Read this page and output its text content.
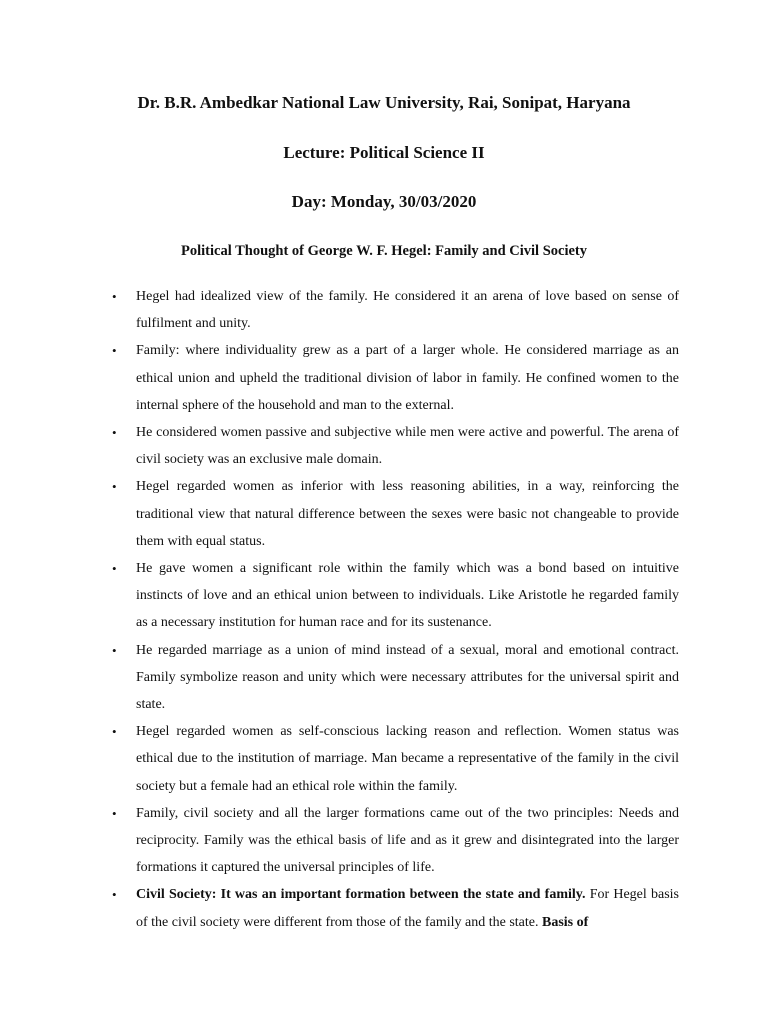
Dr. B.R. Ambedkar National Law University, Rai, Sonipat, Haryana
Lecture: Political Science II
Day: Monday, 30/03/2020
Political Thought of George W. F. Hegel: Family and Civil Society
• Hegel had idealized view of the family. He considered it an arena of love based on sense of fulfilment and unity.
• Family: where individuality grew as a part of a larger whole. He considered marriage as an ethical union and upheld the traditional division of labor in family. He confined women to the internal sphere of the household and man to the external.
• He considered women passive and subjective while men were active and powerful. The arena of civil society was an exclusive male domain.
• Hegel regarded women as inferior with less reasoning abilities, in a way, reinforcing the traditional view that natural difference between the sexes were basic not changeable to provide them with equal status.
• He gave women a significant role within the family which was a bond based on intuitive instincts of love and an ethical union between to individuals. Like Aristotle he regarded family as a necessary institution for human race and for its sustenance.
• He regarded marriage as a union of mind instead of a sexual, moral and emotional contract. Family symbolize reason and unity which were necessary attributes for the universal spirit and state.
• Hegel regarded women as self-conscious lacking reason and reflection. Women status was ethical due to the institution of marriage. Man became a representative of the family in the civil society but a female had an ethical role within the family.
• Family, civil society and all the larger formations came out of the two principles: Needs and reciprocity. Family was the ethical basis of life and as it grew and disintegrated into the larger formations it captured the universal principles of life.
• Civil Society: It was an important formation between the state and family. For Hegel basis of the civil society were different from those of the family and the state. Basis of
